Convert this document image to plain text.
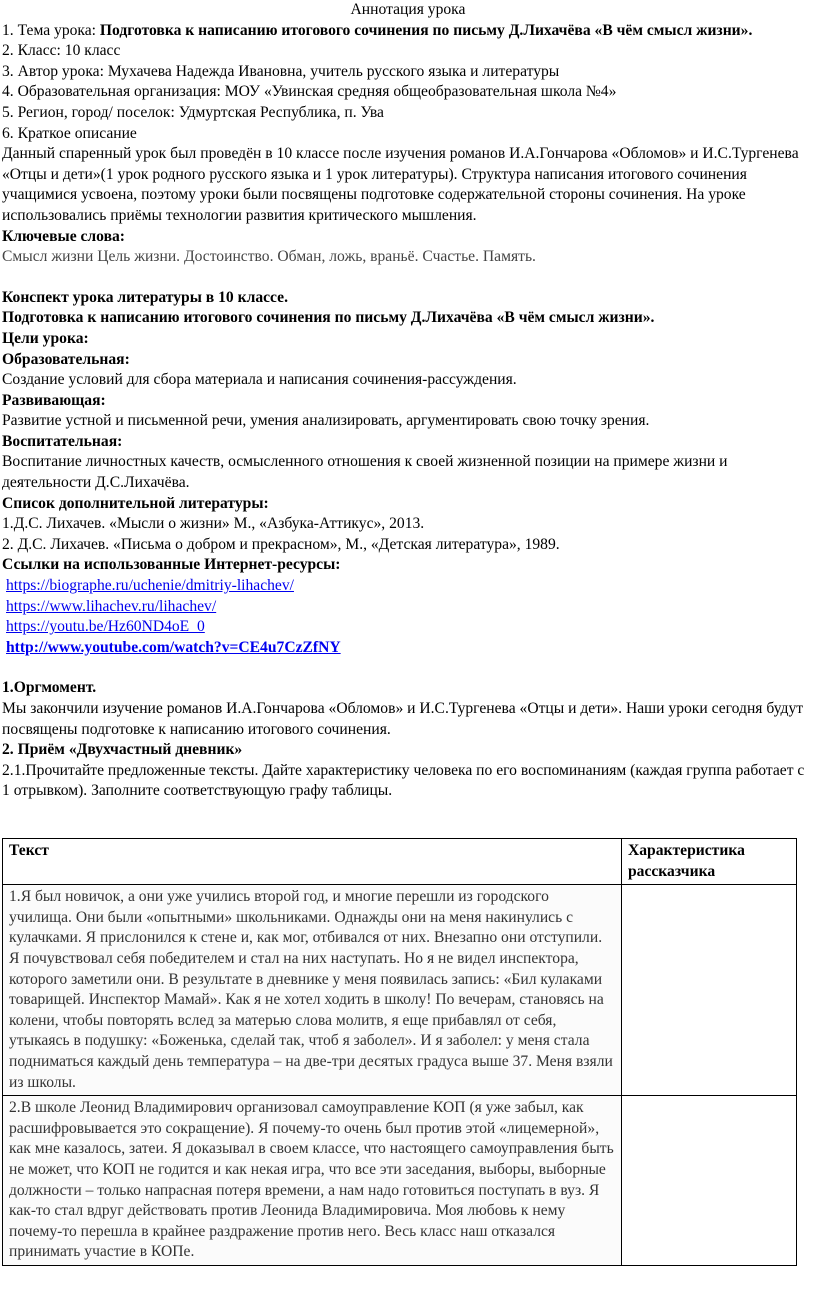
Аннотация урока

1. Тема урока: Подготовка к написанию итогового сочинения по письму Д.Лихачёва «В чём смысл жизни».

2. Класс: 10 класс

3. Автор урока: Мухачева Надежда Ивановна, учитель русского языка и литературы

4. Образовательная организация: МОУ «Увинская средняя общеобразовательная школа №4»

5. Регион, город/ поселок: Удмуртская Республика, п. Ува

6. Краткое описание

Данный спаренный урок был проведён в 10 классе после изучения романов И.А.Гончарова «Обломов» и И.С.Тургенева «Отцы и дети»(1 урок родного русского языка и 1 урок литературы). Структура написания итогового сочинения учащимися усвоена, поэтому уроки были посвящены подготовке содержательной стороны сочинения. На уроке использовались приёмы технологии развития критического мышления.

Ключевые слова:

Смысл жизни Цель жизни. Достоинство. Обман, ложь, враньё. Счастье. Память.

Конспект урока литературы в 10 классе.

Подготовка к написанию итогового сочинения по письму Д.Лихачёва «В чём смысл жизни».

Цели урока:

Образовательная:

Создание условий для сбора материала и написания сочинения-рассуждения.

Развивающая:

Развитие устной и письменной речи, умения анализировать, аргументировать свою точку зрения.

Воспитательная:

Воспитание личностных качеств, осмысленного отношения к своей жизненной позиции на примере жизни и деятельности Д.С.Лихачёва.

Список дополнительной литературы:

1.Д.С. Лихачев. «Мысли о жизни» М., «Азбука-Аттикус», 2013.

2. Д.С. Лихачев. «Письма о добром и прекрасном», М., «Детская литература», 1989.

Ссылки на использованные Интернет-ресурсы:

https://biographe.ru/uchenie/dmitriy-lihachev/
https://www.lihachev.ru/lihachev/
https://youtu.be/Hz60ND4oE_0
http://www.youtube.com/watch?v=CE4u7CzZfNY

1.Оргмомент.

Мы закончили изучение романов И.А.Гончарова «Обломов» и И.С.Тургенева «Отцы и дети». Наши уроки сегодня будут посвящены подготовке к написанию итогового сочинения.

2. Приём «Двухчастный дневник»

2.1.Прочитайте предложенные тексты. Дайте характеристику человека по его воспоминаниям (каждая группа работает с 1 отрывком). Заполните соответствующую графу таблицы.

Текст	Характеристика рассказчика
1.Я был новичок, а они уже учились второй год, и многие перешли из городского училища. Они были «опытными» школьниками. Однажды они на меня накинулись с кулачками. Я прислонился к стене и, как мог, отбивался от них. Внезапно они отступили. Я почувствовал себя победителем и стал на них наступать. Но я не видел инспектора, которого заметили они. В результате в дневнике у меня появилась запись: «Бил кулаками товарищей. Инспектор Мамай». Как я не хотел ходить в школу! По вечерам, становясь на колени, чтобы повторять вслед за матерью слова молитв, я еще прибавлял от себя, утыкаясь в подушку: «Боженька, сделай так, чтоб я заболел». И я заболел: у меня стала подниматься каждый день температура – на две-три десятых градуса выше 37. Меня взяли из школы.	
2.В школе Леонид Владимирович организовал самоуправление КОП (я уже забыл, как расшифровывается это сокращение). Я почему-то очень был против этой «лицемерной», как мне казалось, затеи. Я доказывал в своем классе, что настоящего самоуправления быть не может, что КОП не годится и как некая игра, что все эти заседания, выборы, выборные должности – только напрасная потеря времени, а нам надо готовиться поступать в вуз. Я как-то стал вдруг действовать против Леонида Владимировича. Моя любовь к нему почему-то перешла в крайнее раздражение против него. Весь класс наш отказался принимать участие в КОПе.	
